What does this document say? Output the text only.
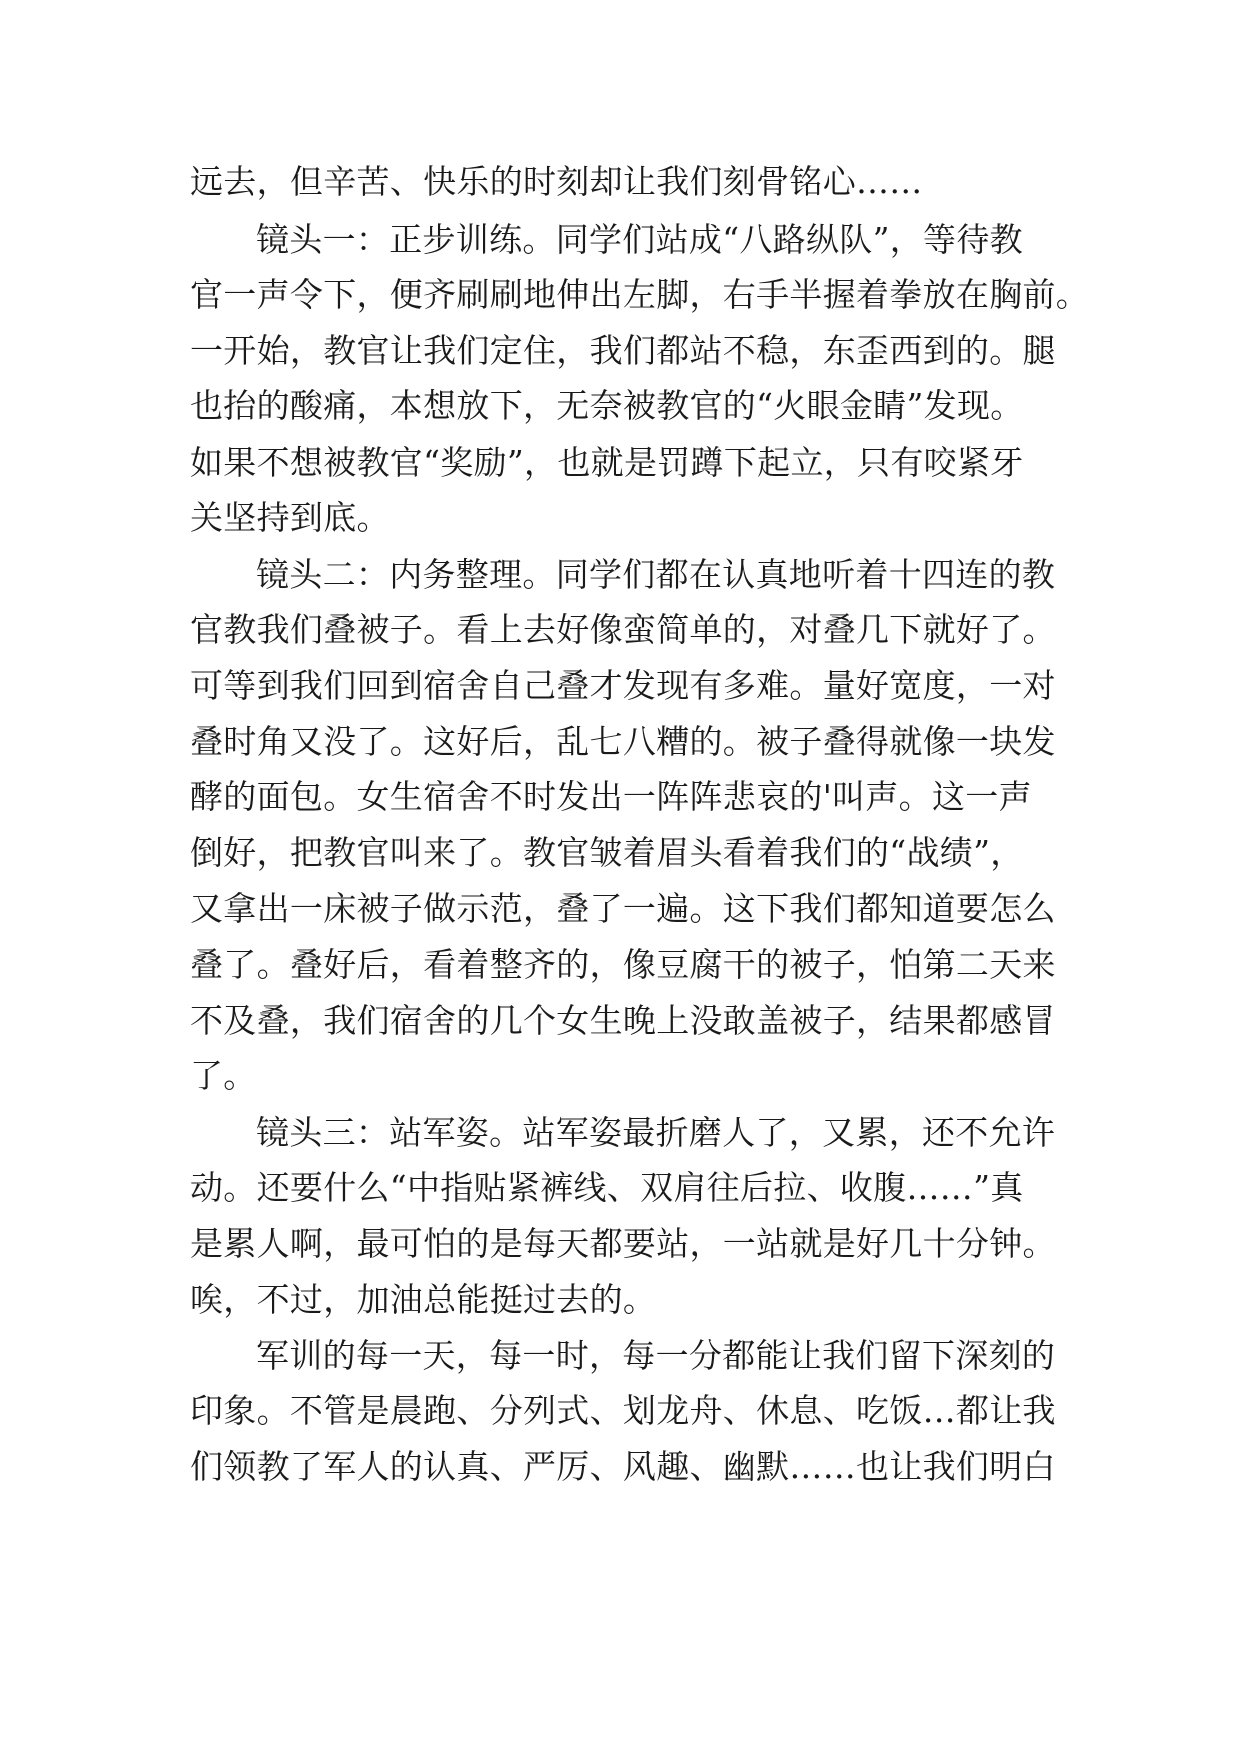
远去，但辛苦、快乐的时刻却让我们刻骨铭心……
镜头一：正步训练。同学们站成“八路纵队”，等待教
官一声令下，便齐刷刷地伸出左脚，右手半握着拳放在胸前。
一开始，教官让我们定住，我们都站不稳，东歪西到的。腿
也抬的酸痛，本想放下，无奈被教官的“火眼金睛”发现。
如果不想被教官“奖励”，也就是罚蹲下起立，只有咬紧牙
关坚持到底。
镜头二：内务整理。同学们都在认真地听着十四连的教
官教我们叠被子。看上去好像蛮简单的，对叠几下就好了。
可等到我们回到宿舍自己叠才发现有多难。量好宽度，一对
叠时角又没了。这好后，乱七八糟的。被子叠得就像一块发
酵的面包。女生宿舍不时发出一阵阵悲哀的'叫声。这一声
倒好，把教官叫来了。教官皱着眉头看着我们的“战绩”，
又拿出一床被子做示范，叠了一遍。这下我们都知道要怎么
叠了。叠好后，看着整齐的，像豆腐干的被子，怕第二天来
不及叠，我们宿舍的几个女生晚上没敢盖被子，结果都感冒
了。
镜头三：站军姿。站军姿最折磨人了，又累，还不允许
动。还要什么“中指贴紧裤线、双肩往后拉、收腹……”真
是累人啊，最可怕的是每天都要站，一站就是好几十分钟。
唉，不过，加油总能挺过去的。
军训的每一天，每一时，每一分都能让我们留下深刻的
印象。不管是晨跑、分列式、划龙舟、休息、吃饭…都让我
们领教了军人的认真、严厉、风趣、幽默……也让我们明白
